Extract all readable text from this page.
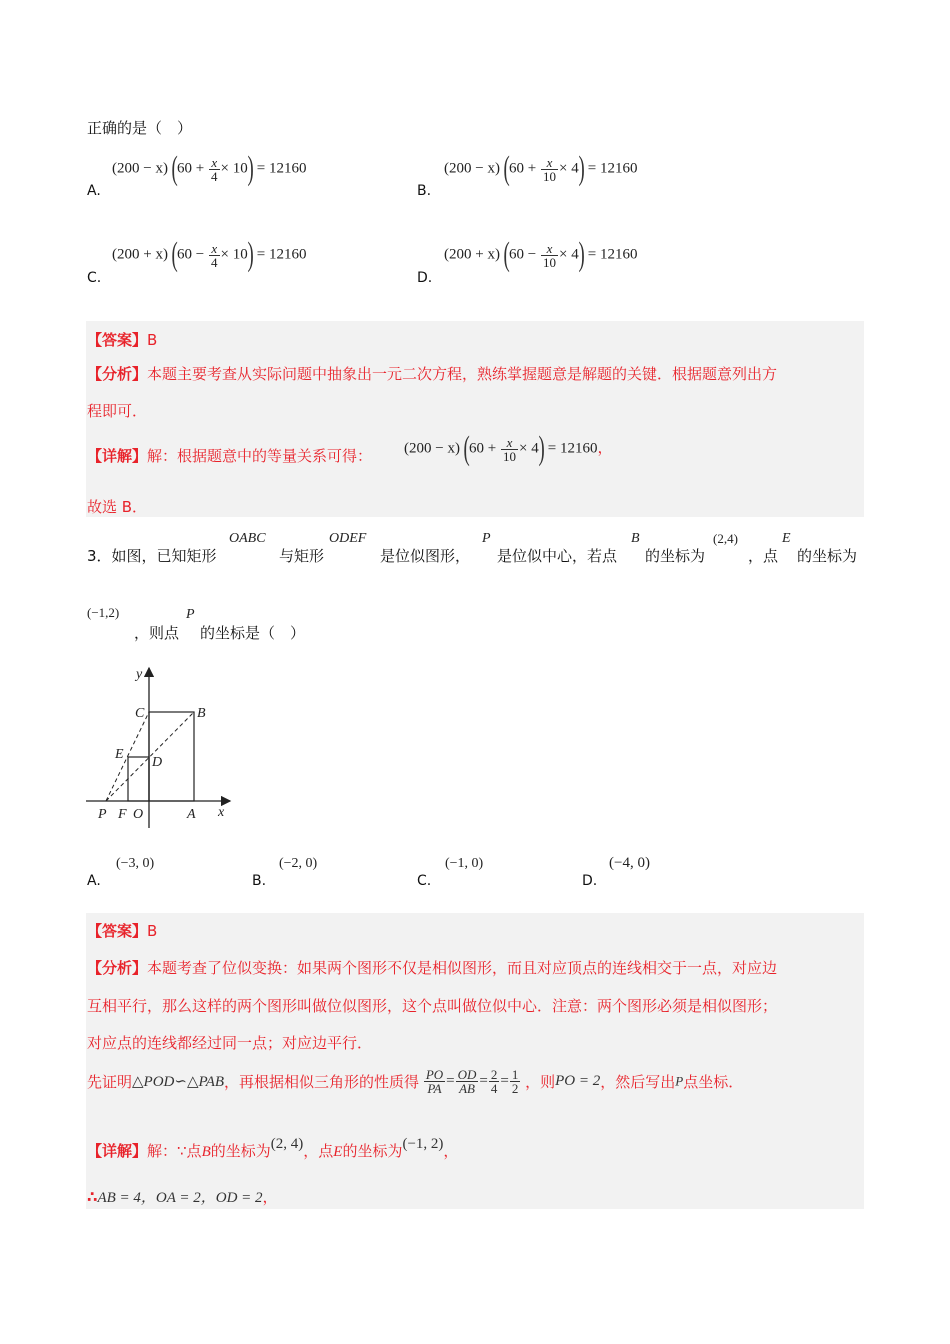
正确的是（　）
A.
(200 − x) $(60 + \frac{x}{4} \times 10) = 12160$
B.
(200 − x) $(60 + \frac{x}{10} \times 4) = 12160$
C.
(200 + x) $(60 - \frac{x}{4} \times 10) = 12160$
D.
(200 + x) $(60 - \frac{x}{10} \times 4) = 12160$
【答案】B
【分析】本题主要考查从实际问题中抽象出一元二次方程，熟练掌握题意是解题的关键．根据题意列出方
程即可．
【详解】解：根据题意中的等量关系可得： (200 − x) $(60 + \frac{x}{10} \times 4) = 12160$，
故选 B．
3．如图，已知矩形
OABC
与矩形
ODEF
是位似图形，
P
是位似中心，若点
B
的坐标为
(2,4)
，点
E
的坐标为
(−1,2)
，则点
P
的坐标是（　）
y
x
C	B
E
D
P F O	A
A.
(−3, 0)
B.
(−2, 0)
C.
(−1, 0)
D.
(−4, 0)
【答案】B
【分析】本题考查了位似变换：如果两个图形不仅是相似图形，而且对应顶点的连线相交于一点，对应边
互相平行，那么这样的两个图形叫做位似图形，这个点叫做位似中心．注意：两个图形必须是相似图形；
对应点的连线都经过同一点；对应边平行．
先证明△POD∽△PAB，再根据相似三角形的性质得 $\frac{PO}{PA} = \frac{OD}{AB} = \frac{2}{4} = \frac{1}{2}$ ，则PO = 2，然后写出P点坐标．
【详解】解：∵点B的坐标为(2, 4)，点E的坐标为(−1, 2)，
∴AB = 4，OA = 2，OD = 2，
